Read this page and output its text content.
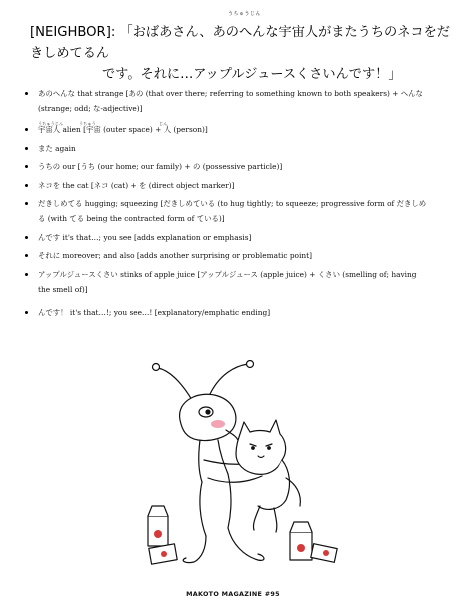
うちゅうじん
[NEIGHBOR]: 「おばあさん、あのへんな宇宙人がまたうちのネコをだきしめてるん
です。それに…アップルジュースくさいんです！」
あのへんな that strange [あの (that over there; referring to something known to both speakers) + へんな
(strange; odd; な-adjective)]
うちゅうじん	うちゅう	じん
宇宙人 alien [宇宙 (outer space) + 人 (person)]
また again
うちの our [うち (our home; our family) + の (possessive particle)]
ネコを the cat [ネコ (cat) + を (direct object marker)]
だきしめてる hugging; squeezing [だきしめている (to hug tightly; to squeeze; progressive form of だきしめ
る (with てる being the contracted form of ている)]
んです it's that…; you see [adds explanation or emphasis]
それに moreover; and also [adds another surprising or problematic point]
アップルジュースくさい stinks of apple juice [アップルジュース (apple juice) + くさい (smelling of; having
the smell of)]
んです！ it's that…!; you see…! [explanatory/emphatic ending]
MAKOTO MAGAZINE #95
